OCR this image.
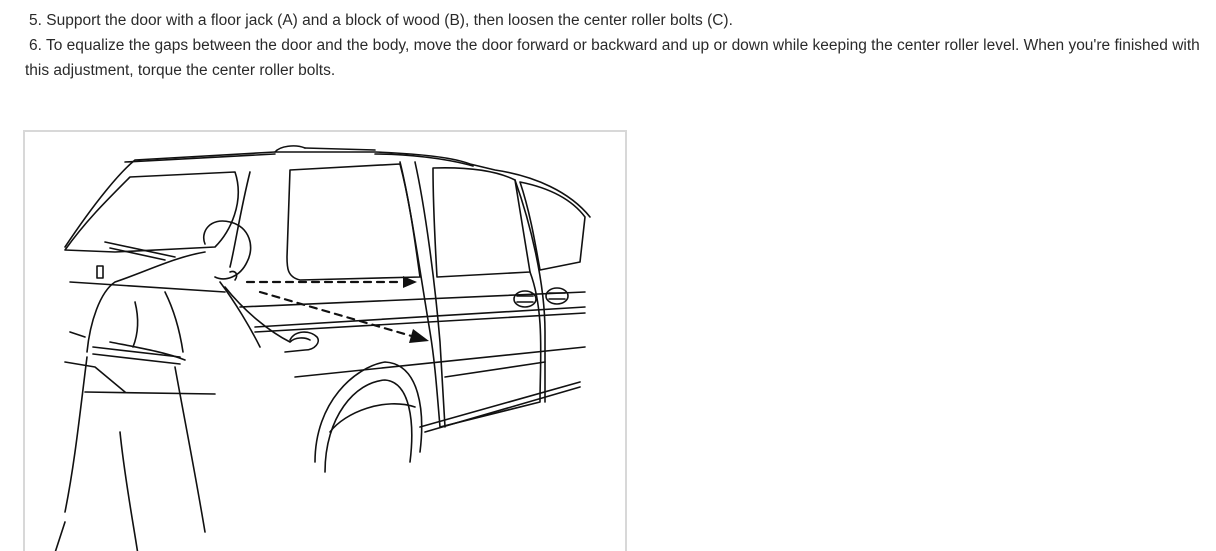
5. Support the door with a floor jack (A) and a block of wood (B), then loosen the center roller bolts (C).

6. To equalize the gaps between the door and the body, move the door forward or backward and up or down while keeping the center roller level. When you're finished with this adjustment, torque the center roller bolts.
